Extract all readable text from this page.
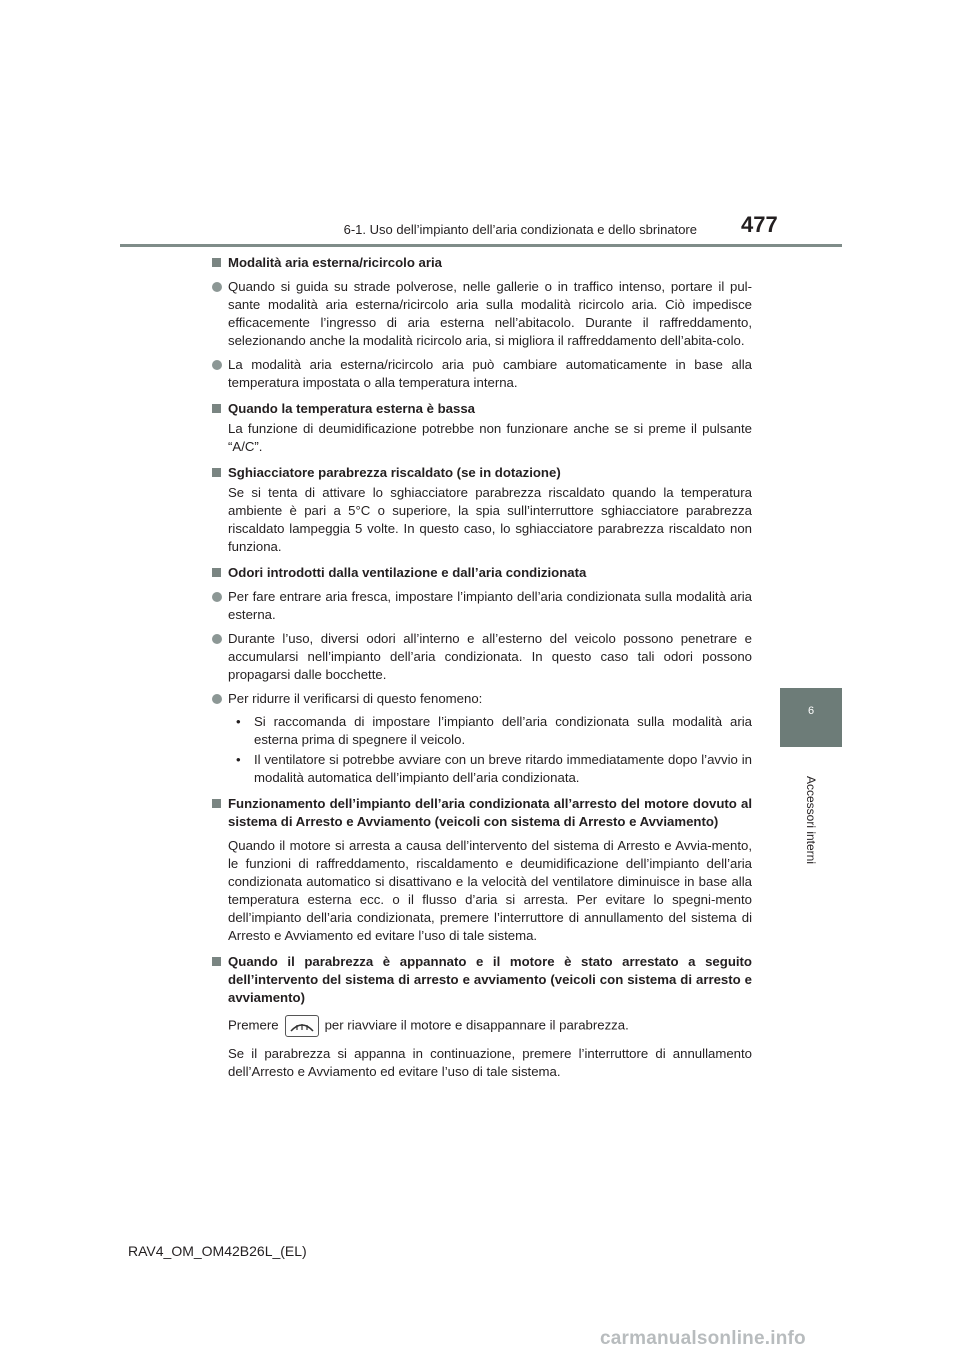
6-1. Uso dell’impianto dell’aria condizionata e dello sbrinatore 477
6
Accessori interni
Modalità aria esterna/ricircolo aria
Quando si guida su strade polverose, nelle gallerie o in traffico intenso, portare il pul-sante modalità aria esterna/ricircolo aria sulla modalità ricircolo aria. Ciò impedisce efficacemente l’ingresso di aria esterna nell’abitacolo. Durante il raffreddamento, selezionando anche la modalità ricircolo aria, si migliora il raffreddamento dell’abita-colo.
La modalità aria esterna/ricircolo aria può cambiare automaticamente in base alla temperatura impostata o alla temperatura interna.
Quando la temperatura esterna è bassa
La funzione di deumidificazione potrebbe non funzionare anche se si preme il pulsante “A/C”.
Sghiacciatore parabrezza riscaldato (se in dotazione)
Se si tenta di attivare lo sghiacciatore parabrezza riscaldato quando la temperatura ambiente è pari a 5°C o superiore, la spia sull’interruttore sghiacciatore parabrezza riscaldato lampeggia 5 volte. In questo caso, lo sghiacciatore parabrezza riscaldato non funziona.
Odori introdotti dalla ventilazione e dall’aria condizionata
Per fare entrare aria fresca, impostare l’impianto dell’aria condizionata sulla modalità aria esterna.
Durante l’uso, diversi odori all’interno e all’esterno del veicolo possono penetrare e accumularsi nell’impianto dell’aria condizionata. In questo caso tali odori possono propagarsi dalle bocchette.
Per ridurre il verificarsi di questo fenomeno:
•	Si raccomanda di impostare l’impianto dell’aria condizionata sulla modalità aria esterna prima di spegnere il veicolo.
•	Il ventilatore si potrebbe avviare con un breve ritardo immediatamente dopo l’avvio in modalità automatica dell’impianto dell’aria condizionata.
Funzionamento dell’impianto dell’aria condizionata all’arresto del motore dovuto al sistema di Arresto e Avviamento (veicoli con sistema di Arresto e Avviamento)
Quando il motore si arresta a causa dell’intervento del sistema di Arresto e Avvia-mento, le funzioni di raffreddamento, riscaldamento e deumidificazione dell’impianto dell’aria condizionata automatico si disattivano e la velocità del ventilatore diminuisce in base alla temperatura esterna ecc. o il flusso d’aria si arresta. Per evitare lo spegni-mento dell’impianto dell’aria condizionata, premere l’interruttore di annullamento del sistema di Arresto e Avviamento ed evitare l’uso di tale sistema.
Quando il parabrezza è appannato e il motore è stato arrestato a seguito dell’intervento del sistema di arresto e avviamento (veicoli con sistema di arresto e avviamento)
Premere	per riavviare il motore e disappannare il parabrezza.
Se il parabrezza si appanna in continuazione, premere l’interruttore di annullamento dell’Arresto e Avviamento ed evitare l’uso di tale sistema.
RAV4_OM_OM42B26L_(EL)
carmanualsonline.info
